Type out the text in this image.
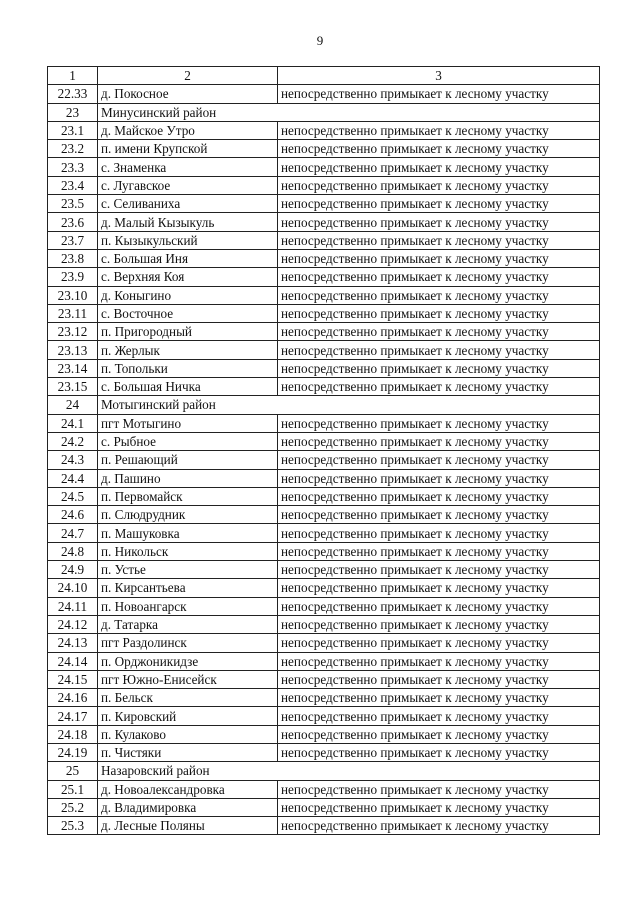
9
1	2	3
22.33	д. Покосное	непосредственно примыкает к лесному участку
23	Минусинский район	
23.1	д. Майское Утро	непосредственно примыкает к лесному участку
23.2	п. имени Крупской	непосредственно примыкает к лесному участку
23.3	с. Знаменка	непосредственно примыкает к лесному участку
23.4	с. Лугавское	непосредственно примыкает к лесному участку
23.5	с. Селиваниха	непосредственно примыкает к лесному участку
23.6	д. Малый Кызыкуль	непосредственно примыкает к лесному участку
23.7	п. Кызыкульский	непосредственно примыкает к лесному участку
23.8	с. Большая Иня	непосредственно примыкает к лесному участку
23.9	с. Верхняя Коя	непосредственно примыкает к лесному участку
23.10	д. Коныгино	непосредственно примыкает к лесному участку
23.11	с. Восточное	непосредственно примыкает к лесному участку
23.12	п. Пригородный	непосредственно примыкает к лесному участку
23.13	п. Жерлык	непосредственно примыкает к лесному участку
23.14	п. Топольки	непосредственно примыкает к лесному участку
23.15	с. Большая Ничка	непосредственно примыкает к лесному участку
24	Мотыгинский район	
24.1	пгт Мотыгино	непосредственно примыкает к лесному участку
24.2	с. Рыбное	непосредственно примыкает к лесному участку
24.3	п. Решающий	непосредственно примыкает к лесному участку
24.4	д. Пашино	непосредственно примыкает к лесному участку
24.5	п. Первомайск	непосредственно примыкает к лесному участку
24.6	п. Слюдрудник	непосредственно примыкает к лесному участку
24.7	п. Машуковка	непосредственно примыкает к лесному участку
24.8	п. Никольск	непосредственно примыкает к лесному участку
24.9	п. Устье	непосредственно примыкает к лесному участку
24.10	п. Кирсантьева	непосредственно примыкает к лесному участку
24.11	п. Новоангарск	непосредственно примыкает к лесному участку
24.12	д. Татарка	непосредственно примыкает к лесному участку
24.13	пгт Раздолинск	непосредственно примыкает к лесному участку
24.14	п. Орджоникидзе	непосредственно примыкает к лесному участку
24.15	пгт Южно-Енисейск	непосредственно примыкает к лесному участку
24.16	п. Бельск	непосредственно примыкает к лесному участку
24.17	п. Кировский	непосредственно примыкает к лесному участку
24.18	п. Кулаково	непосредственно примыкает к лесному участку
24.19	п. Чистяки	непосредственно примыкает к лесному участку
25	Назаровский район	
25.1	д. Новоалександровка	непосредственно примыкает к лесному участку
25.2	д. Владимировка	непосредственно примыкает к лесному участку
25.3	д. Лесные Поляны	непосредственно примыкает к лесному участку
